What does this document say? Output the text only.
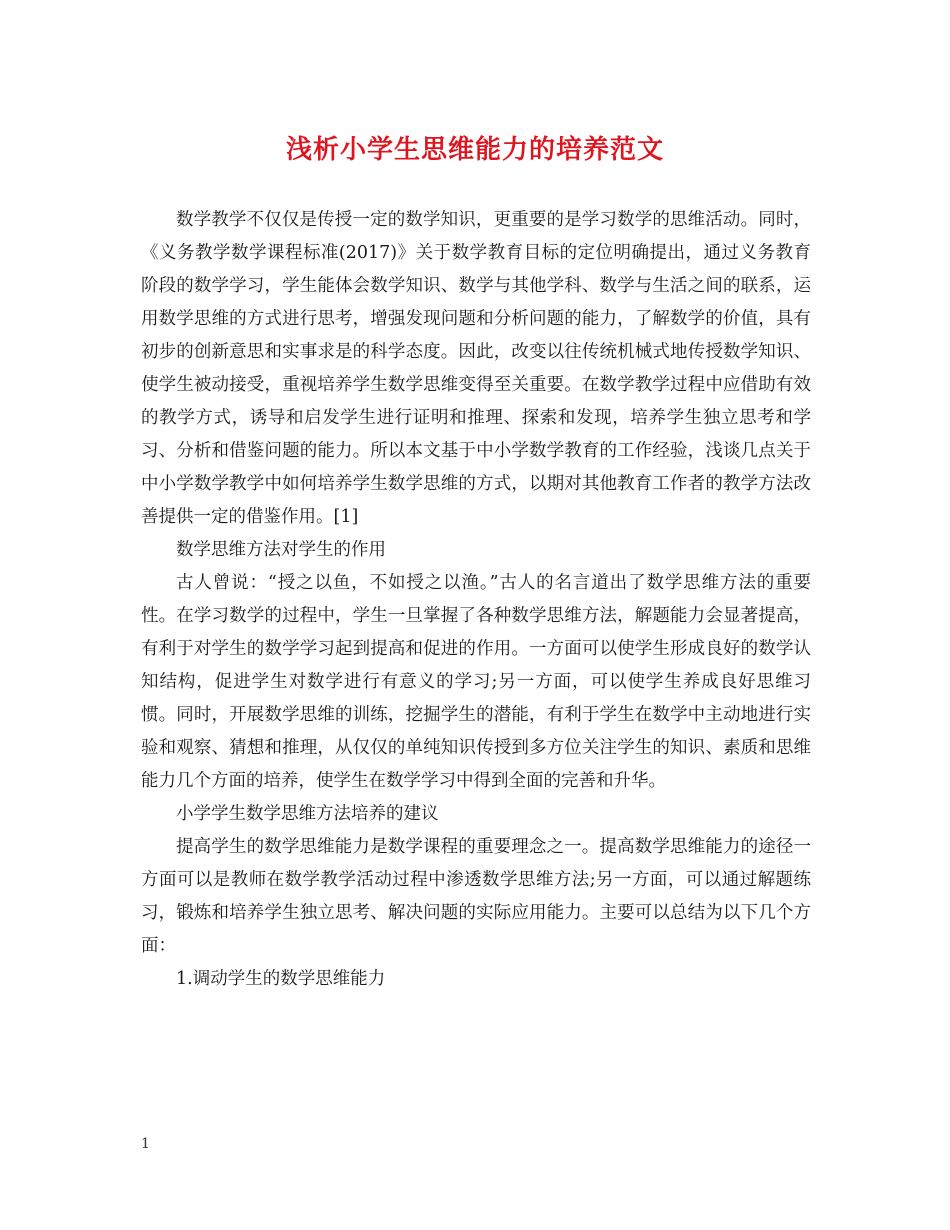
浅析小学生思维能力的培养范文

数学教学不仅仅是传授一定的数学知识，更重要的是学习数学的思维活动。同时，《义务教学数学课程标准(2017)》关于数学教育目标的定位明确提出，通过义务教育阶段的数学学习，学生能体会数学知识、数学与其他学科、数学与生活之间的联系，运用数学思维的方式进行思考，增强发现问题和分析问题的能力，了解数学的价值，具有初步的创新意思和实事求是的科学态度。因此，改变以往传统机械式地传授数学知识、使学生被动接受，重视培养学生数学思维变得至关重要。在数学教学过程中应借助有效的教学方式，诱导和启发学生进行证明和推理、探索和发现，培养学生独立思考和学习、分析和借鉴问题的能力。所以本文基于中小学数学教育的工作经验，浅谈几点关于中小学数学教学中如何培养学生数学思维的方式，以期对其他教育工作者的教学方法改善提供一定的借鉴作用。[1]

数学思维方法对学生的作用

古人曾说：“授之以鱼，不如授之以渔。”古人的名言道出了数学思维方法的重要性。在学习数学的过程中，学生一旦掌握了各种数学思维方法，解题能力会显著提高，有利于对学生的数学学习起到提高和促进的作用。一方面可以使学生形成良好的数学认知结构，促进学生对数学进行有意义的学习;另一方面，可以使学生养成良好思维习惯。同时，开展数学思维的训练，挖掘学生的潜能，有利于学生在数学中主动地进行实验和观察、猜想和推理，从仅仅的单纯知识传授到多方位关注学生的知识、素质和思维能力几个方面的培养，使学生在数学学习中得到全面的完善和升华。

小学学生数学思维方法培养的建议

提高学生的数学思维能力是数学课程的重要理念之一。提高数学思维能力的途径一方面可以是教师在数学教学活动过程中渗透数学思维方法;另一方面，可以通过解题练习，锻炼和培养学生独立思考、解决问题的实际应用能力。主要可以总结为以下几个方面：

1.调动学生的数学思维能力

1
